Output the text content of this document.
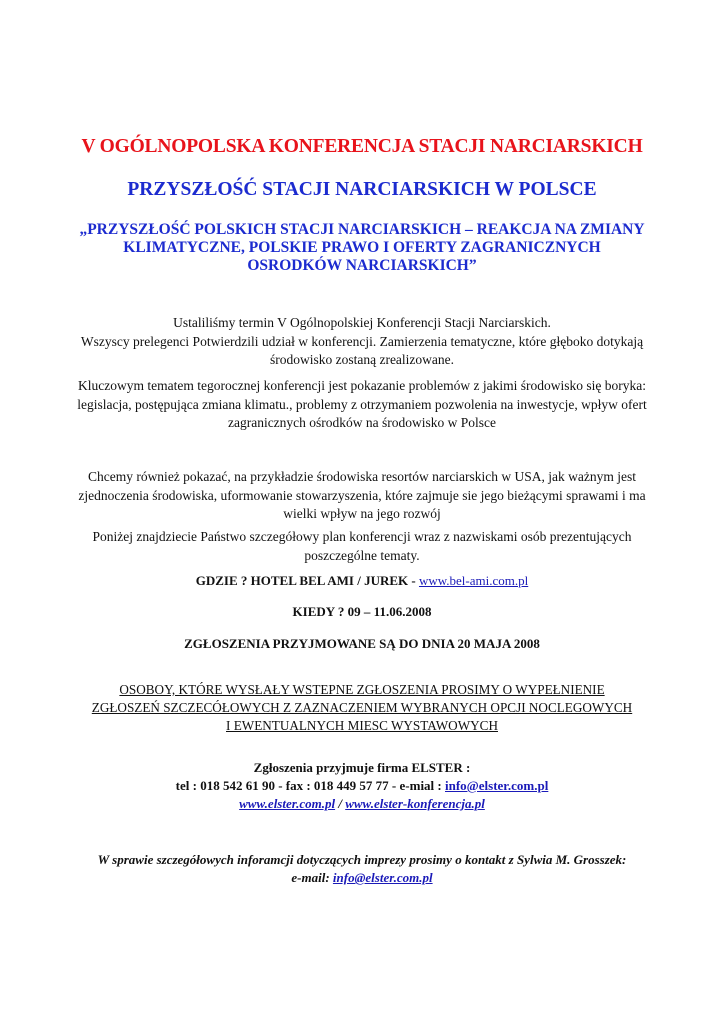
V OGÓLNOPOLSKA KONFERENCJA STACJI NARCIARSKICH
PRZYSZŁOŚĆ STACJI NARCIARSKICH W POLSCE
„PRZYSZŁOŚĆ POLSKICH STACJI NARCIARSKICH – REAKCJA NA ZMIANY
KLIMATYCZNE, POLSKIE PRAWO I OFERTY ZAGRANICZNYCH
OSRODKÓW NARCIARSKICH”
Ustaliliśmy termin V Ogólnopolskiej Konferencji Stacji Narciarskich.
Wszyscy prelegenci Potwierdzili udział w konferencji. Zamierzenia tematyczne, które głęboko dotykają
środowisko zostaną zrealizowane.
Kluczowym tematem tegorocznej konferencji jest pokazanie problemów z jakimi środowisko się boryka:
legislacja, postępująca zmiana klimatu., problemy z otrzymaniem pozwolenia na inwestycje, wpływ ofert
zagranicznych ośrodków na środowisko w Polsce
Chcemy również pokazać, na przykładzie środowiska resortów narciarskich w USA, jak ważnym jest
zjednoczenia środowiska, uformowanie stowarzyszenia, które zajmuje sie jego bieżącymi sprawami i ma
wielki wpływ na jego rozwój
Poniżej znajdziecie Państwo szczegółowy plan konferencji wraz z nazwiskami osób prezentujących
poszczególne tematy.
GDZIE ? HOTEL BEL AMI / JUREK - www.bel-ami.com.pl
KIEDY ? 09 – 11.06.2008
ZGŁOSZENIA PRZYJMOWANE SĄ DO DNIA 20 MAJA 2008
OSOBOY, KTÓRE WYSŁAŁY WSTEPNE ZGŁOSZENIA PROSIMY O WYPEŁNIENIE
ZGŁOSZEŃ SZCZECÓŁOWYCH Z ZAZNACZENIEM WYBRANYCH OPCJI NOCLEGOWYCH
I EWENTUALNYCH MIESC WYSTAWOWYCH
Zgłoszenia przyjmuje firma ELSTER :
tel : 018 542 61 90 - fax : 018 449 57 77 - e-mial : info@elster.com.pl
www.elster.com.pl / www.elster-konferencja.pl
W sprawie szczegółowych inforamcji dotyczących imprezy prosimy o kontakt z Sylwia M. Grosszek:
e-mail: info@elster.com.pl
